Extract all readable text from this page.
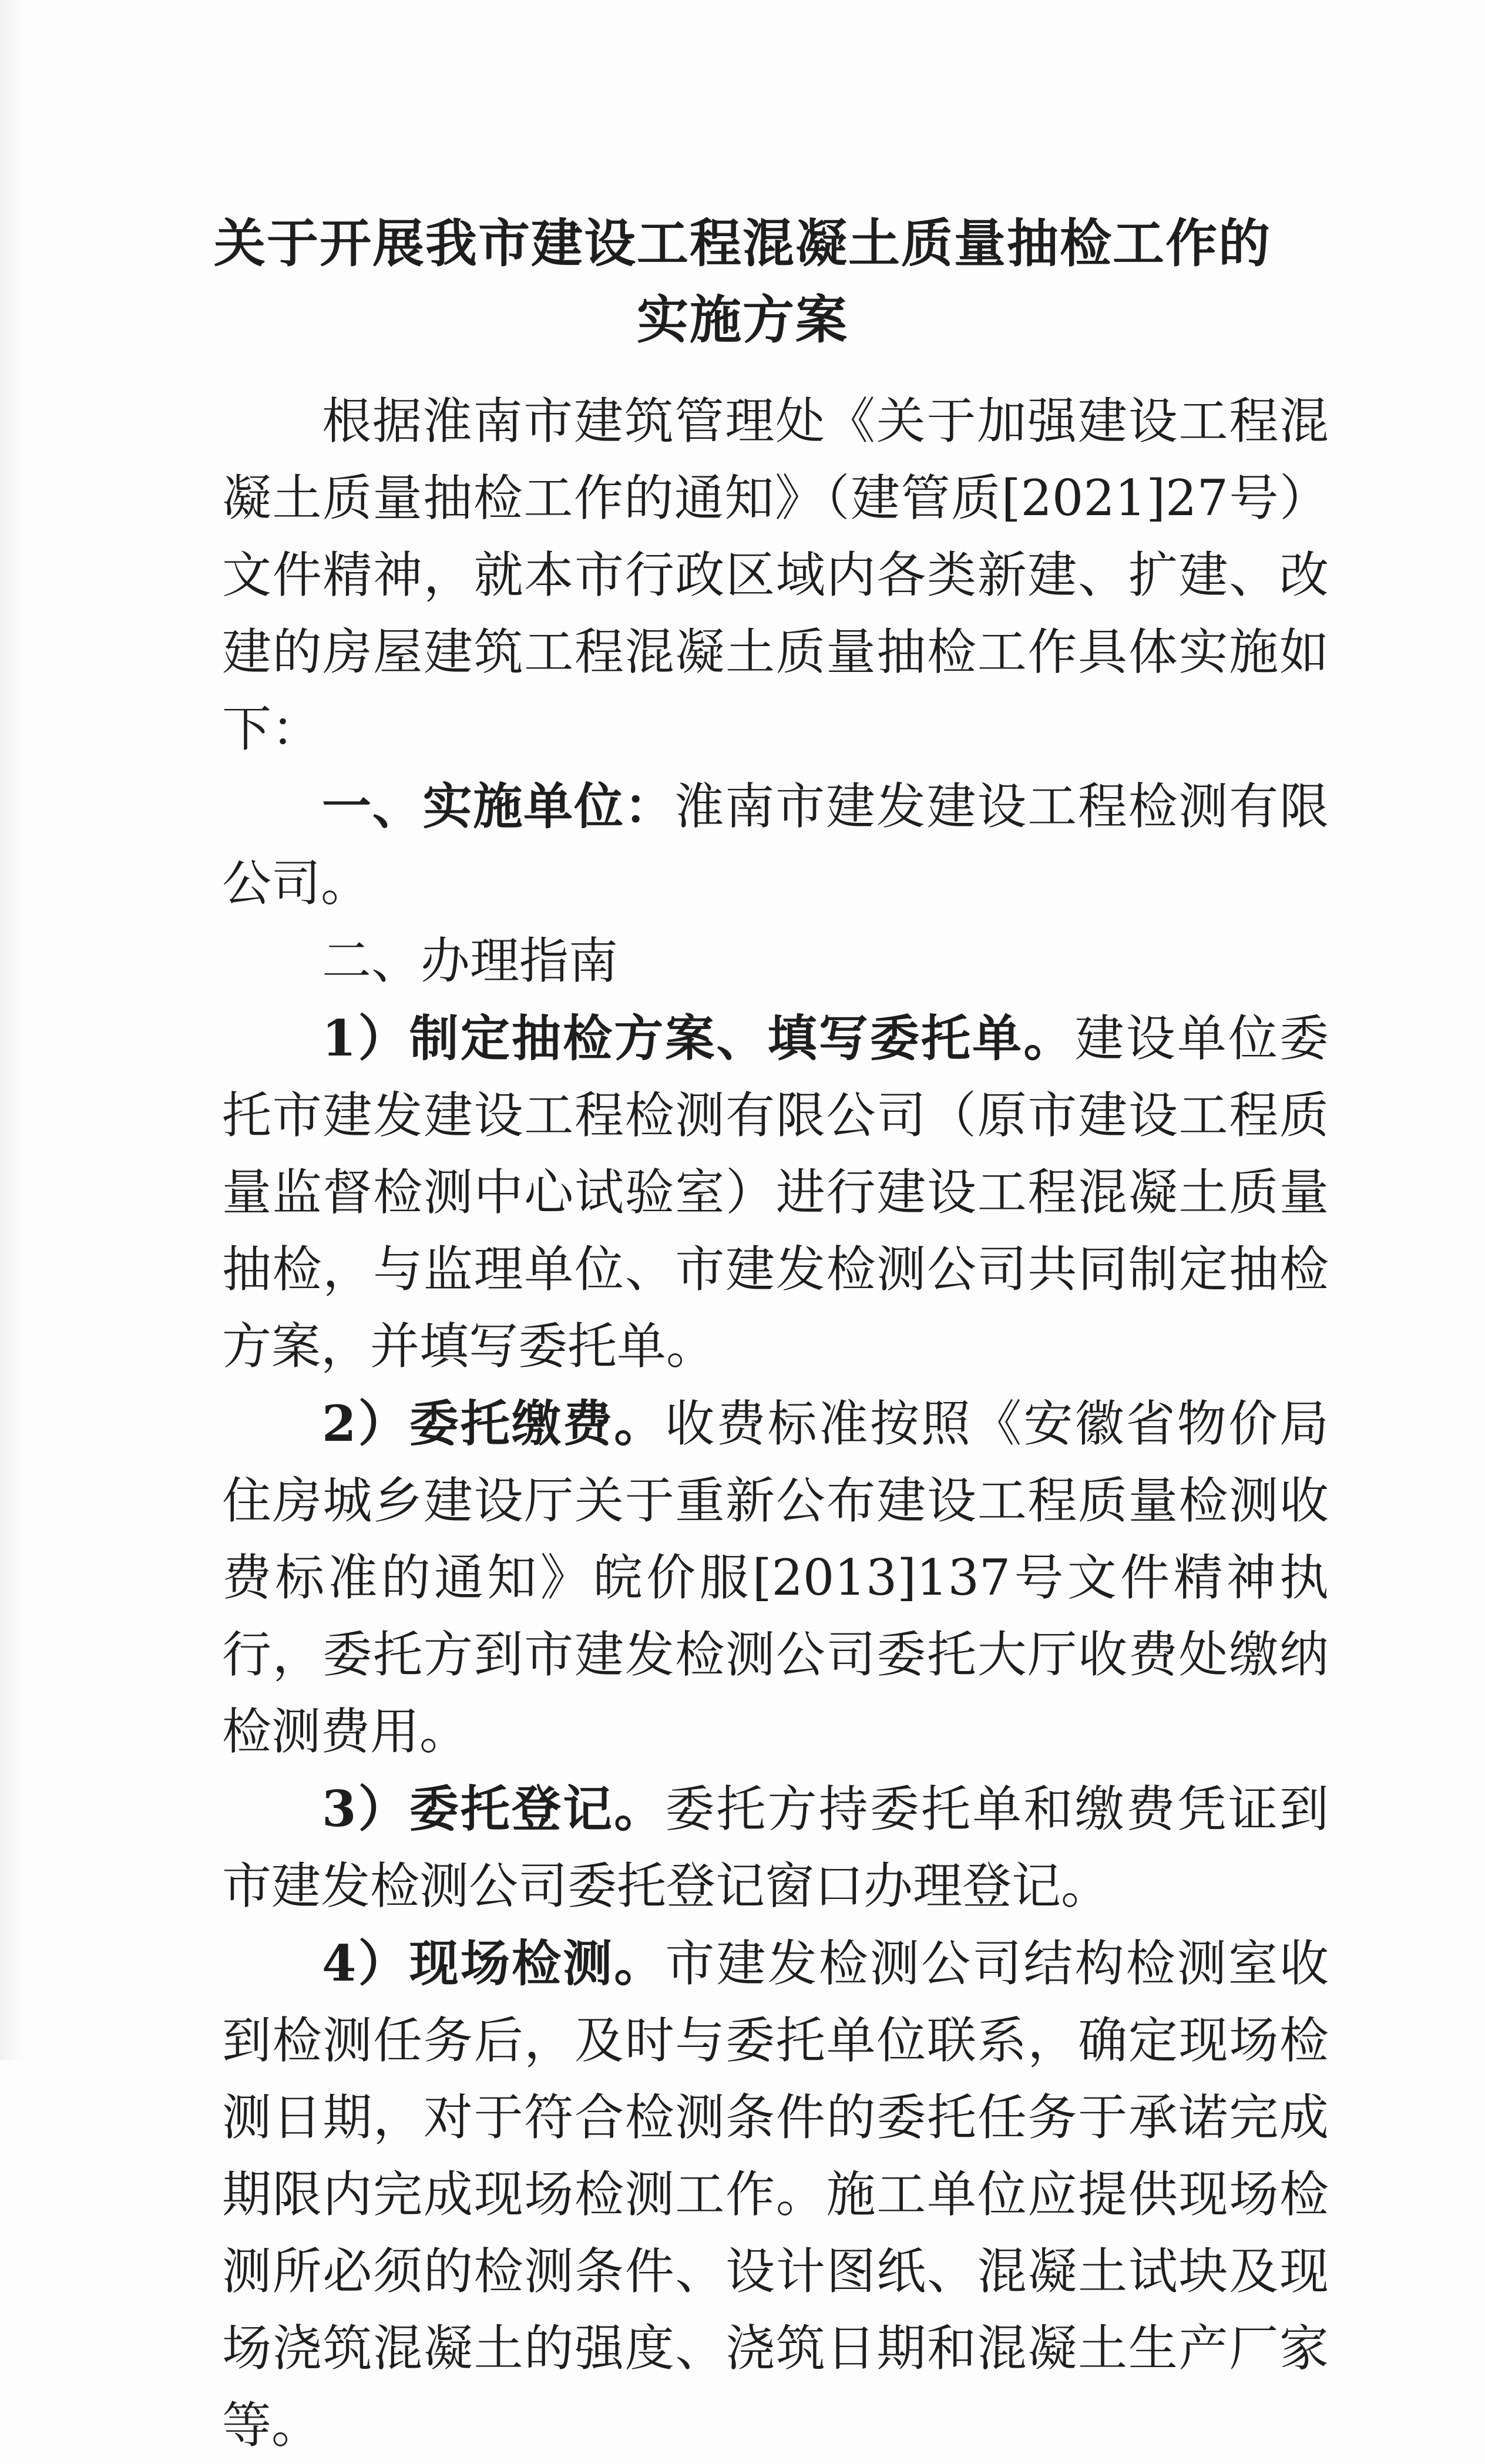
关于开展我市建设工程混凝土质量抽检工作的
实施方案

根据淮南市建筑管理处《关于加强建设工程混凝土质量抽检工作的通知》（建管质[2021]27号）文件精神，就本市行政区域内各类新建、扩建、改建的房屋建筑工程混凝土质量抽检工作具体实施如下：

一、实施单位：淮南市建发建设工程检测有限公司。

二、办理指南

1）制定抽检方案、填写委托单。建设单位委托市建发建设工程检测有限公司（原市建设工程质量监督检测中心试验室）进行建设工程混凝土质量抽检，与监理单位、市建发检测公司共同制定抽检方案，并填写委托单。

2）委托缴费。收费标准按照《安徽省物价局住房城乡建设厅关于重新公布建设工程质量检测收费标准的通知》皖价服[2013]137号文件精神执行，委托方到市建发检测公司委托大厅收费处缴纳检测费用。

3）委托登记。委托方持委托单和缴费凭证到市建发检测公司委托登记窗口办理登记。

4）现场检测。市建发检测公司结构检测室收到检测任务后，及时与委托单位联系，确定现场检测日期，对于符合检测条件的委托任务于承诺完成期限内完成现场检测工作。施工单位应提供现场检测所必须的检测条件、设计图纸、混凝土试块及现场浇筑混凝土的强度、浇筑日期和混凝土生产厂家等。
